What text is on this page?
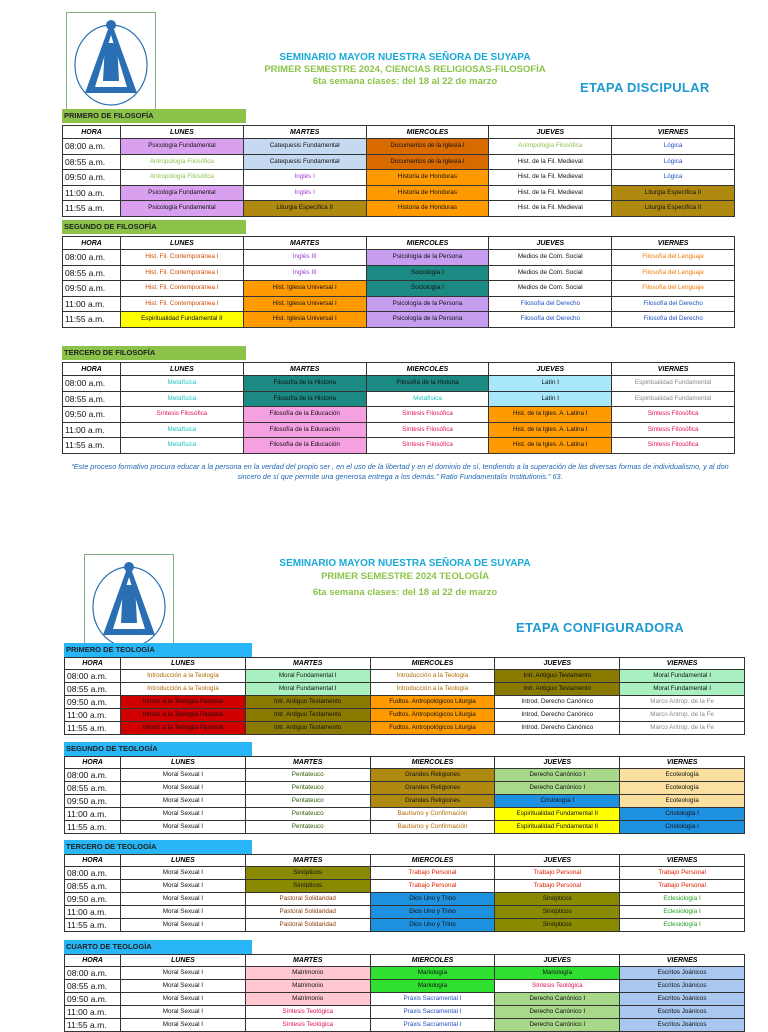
SEMINARIO MAYOR NUESTRA SEÑORA DE SUYAPA
PRIMER SEMESTRE 2024, CIENCIAS RELIGIOSAS-FILOSOFÍA
6ta semana clases: del 18 al 22 de marzo	ETAPA DISCIPULAR
PRIMERO DE FILOSOFÍA
HORA	LUNES	MARTES	MIERCOLES	JUEVES	VIERNES
08:00 a.m.	Psicología Fundamental	Catequesis Fundamental	Documentos de la Iglesia I	Antropología Filosófica	Lógica
08:55 a.m.	Antropología Filosófica	Catequesis Fundamental	Documentos de la Iglesia I	Hist. de la Fil. Medieval	Lógica
09:50 a.m.	Antropología Filosófica	Inglés I	Historia de Honduras	Hist. de la Fil. Medieval	Lógica
11:00 a.m.	Psicología Fundamental	Inglés I	Historia de Honduras	Hist. de la Fil. Medieval	Liturgia Específica II
11:55 a.m.	Psicología Fundamental	Liturgia Específica II	Historia de Honduras	Hist. de la Fil. Medieval	Liturgia Específica II
SEGUNDO DE FILOSOFÍA
HORA	LUNES	MARTES	MIERCOLES	JUEVES	VIERNES
08:00 a.m.	Hist. Fil. Contemporánea I	Inglés III	Psicología de la Persona	Medios de Com. Social	Filosofía del Lenguaje
08:55 a.m.	Hist. Fil. Contemporánea I	Inglés III	Sociología I	Medios de Com. Social	Filosofía del Lenguaje
09:50 a.m.	Hist. Fil. Contemporánea I	Hist. Iglesia Universal I	Sociología I	Medios de Com. Social	Filosofía del Lenguaje
11:00 a.m.	Hist. Fil. Contemporánea I	Hist. Iglesia Universal I	Psicología de la Persona	Filosofía del Derecho	Filosofía del Derecho
11:55 a.m.	Espiritualidad Fundamental II	Hist. Iglesia Universal I	Psicología de la Persona	Filosofía del Derecho	Filosofía del Derecho
TERCERO DE FILOSOFÍA
HORA	LUNES	MARTES	MIERCOLES	JUEVES	VIERNES
08:00 a.m.	Metafísica	Filosofía de la Historia	Filosofía de la Historia	Latín I	Espiritualidad Fundamental
08:55 a.m.	Metafísica	Filosofía de la Historia	Metafísica	Latín I	Espiritualidad Fundamental
09:50 a.m.	Síntesis Filosófica	Filosofía de la Educación	Síntesis Filosófica	Hist. de la Igles. A. Latina I	Síntesis Filosófica
11:00 a.m.	Metafísica	Filosofía de la Educación	Síntesis Filosófica	Hist. de la Igles. A. Latina I	Síntesis Filosófica
11:55 a.m.	Metafísica	Filosofía de la Educación	Síntesis Filosófica	Hist. de la Igles. A. Latina I	Síntesis Filosófica
“Este proceso formativo procura educar a la persona en la verdad del propio ser , en el uso de la libertad y en el dominio de sí, tendiendo a la superación de las diversas formas de individualismo, y al don sincero de sí que permite una generosa entrega a los demás.” Ratio Fundamentalis Institutionis.” 63.
SEMINARIO MAYOR NUESTRA SEÑORA DE SUYAPA
PRIMER SEMESTRE 2024 TEOLOGÍA
6ta semana clases: del 18 al 22 de marzo
ETAPA CONFIGURADORA
PRIMERO DE TEOLOGÍA
HORA	LUNES	MARTES	MIERCOLES	JUEVES	VIERNES
08:00 a.m.	Introducción a la Teología	Moral Fundamental I	Introducción a la Teología	Intr. Antiguo Testamento	Moral Fundamental I
08:55 a.m.	Introducción a la Teología	Moral Fundamental I	Introducción a la Teología	Intr. Antiguo Testamento	Moral Fundamental I
09:50 a.m.	Introd. a la Teología Pastoral	Intr. Antiguo Testamento	Fudtos. Antropológicos Liturgia	Introd. Derecho Canónico	Marco Antrop. de la Fe
11:00 a.m.	Introd. a la Teología Pastoral	Intr. Antiguo Testamento	Fudtos. Antropológicos Liturgia	Introd. Derecho Canónico	Marco Antrop. de la Fe
11:55 a.m.	Introd. a la Teología Pastoral	Intr. Antiguo Testamento	Fudtos. Antropológicos Liturgia	Introd. Derecho Canónico	Marco Antrop. de la Fe
SEGUNDO DE TEOLOGÍA
HORA	LUNES	MARTES	MIERCOLES	JUEVES	VIERNES
08:00 a.m.	Moral Sexual I	Pentateuco	Grandes Religiones	Derecho Canónico I	Ecoteología
08:55 a.m.	Moral Sexual I	Pentateuco	Grandes Religiones	Derecho Canónico I	Ecoteología
09:50 a.m.	Moral Sexual I	Pentateuco	Grandes Religiones	Cristología I	Ecoteología
11:00 a.m.	Moral Sexual I	Pentateuco	Bautismo y Confirmación	Espiritualidad Fundamental II	Cristología I
11:55 a.m.	Moral Sexual I	Pentateuco	Bautismo y Confirmación	Espiritualidad Fundamental II	Cristología I
TERCERO DE TEOLOGÍA
HORA	LUNES	MARTES	MIERCOLES	JUEVES	VIERNES
08:00 a.m.	Moral Sexual I	Sinópticos	Trabajo Personal	Trabajo Personal	Trabajo Personal
08:55 a.m.	Moral Sexual I	Sinópticos	Trabajo Personal	Trabajo Personal	Trabajo Personal
09:50 a.m.	Moral Sexual I	Pastoral Solidaridad	Dios Uno y Trino	Sinópticos	Eclesiología I
11:00 a.m.	Moral Sexual I	Pastoral Solidaridad	Dios Uno y Trino	Sinópticos	Eclesiología I
11:55 a.m.	Moral Sexual I	Pastoral Solidaridad	Dios Uno y Trino	Sinópticos	Eclesiología I
CUARTO DE TEOLOGÍA
HORA	LUNES	MARTES	MIERCOLES	JUEVES	VIERNES
08:00 a.m.	Moral Sexual I	Matrimonio	Mariología	Mariología	Escritos Joánicos
08:55 a.m.	Moral Sexual I	Matrimonio	Mariología	Síntesis Teológica	Escritos Joánicos
09:50 a.m.	Moral Sexual I	Matrimonio	Praxis Sacramental I	Derecho Canónico I	Escritos Joánicos
11:00 a.m.	Moral Sexual I	Síntesis Teológica	Praxis Sacramental I	Derecho Canónico I	Escritos Joánicos
11:55 a.m.	Moral Sexual I	Síntesis Teológica	Praxis Sacramental I	Derecho Canónico I	Escritos Joánicos
